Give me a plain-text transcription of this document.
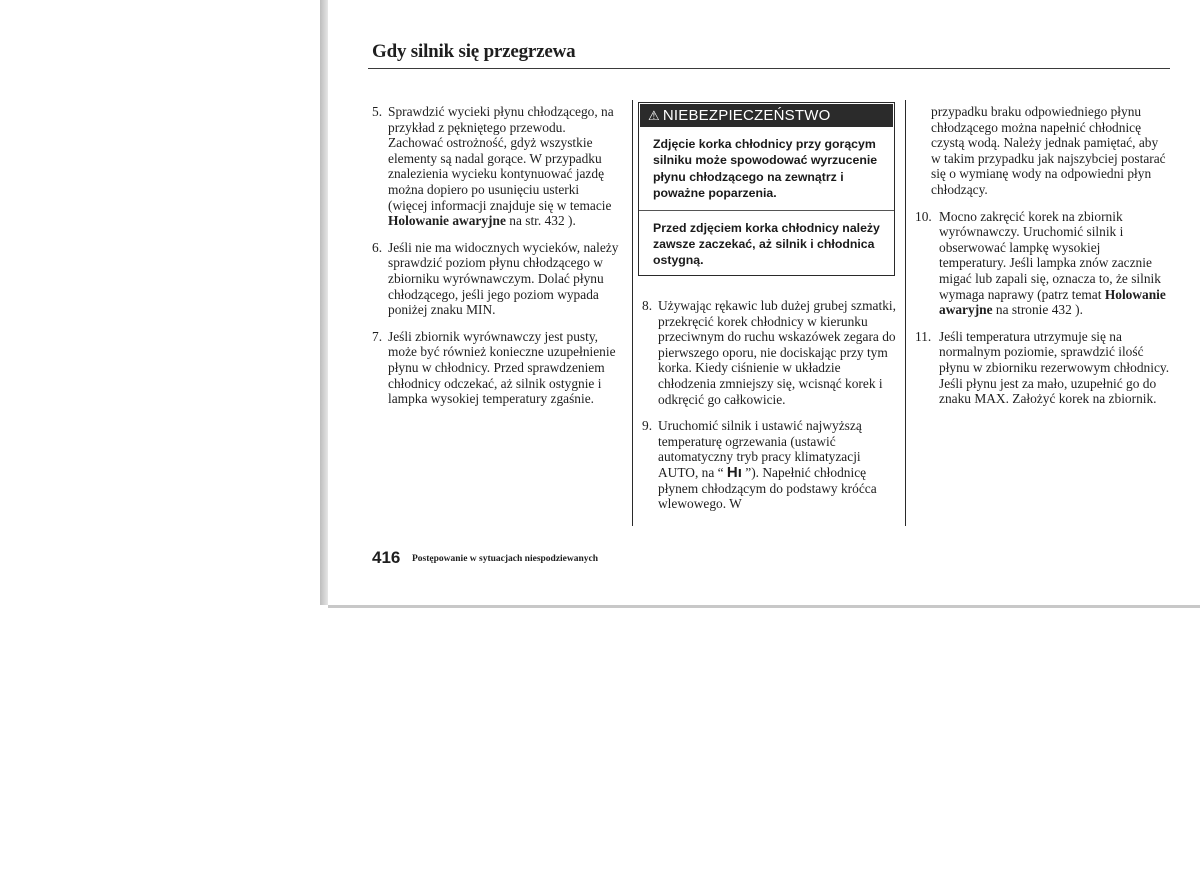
Gdy silnik się przegrzewa

5. Sprawdzić wycieki płynu chłodzącego, na przykład z pękniętego przewodu. Zachować ostrożność, gdyż wszystkie elementy są nadal gorące. W przypadku znalezienia wycieku kontynuować jazdę można dopiero po usunięciu usterki (więcej informacji znajduje się w temacie Holowanie awaryjne na str. 432 ).

6. Jeśli nie ma widocznych wycieków, należy sprawdzić poziom płynu chłodzącego w zbiorniku wyrównawczym. Dolać płynu chłodzącego, jeśli jego poziom wypada poniżej znaku MIN.

7. Jeśli zbiornik wyrównawczy jest pusty, może być również konieczne uzupełnienie płynu w chłodnicy. Przed sprawdzeniem chłodnicy odczekać, aż silnik ostygnie i lampka wysokiej temperatury zgaśnie.

⚠ NIEBEZPIECZEŃSTWO

Zdjęcie korka chłodnicy przy gorącym silniku może spowodować wyrzucenie płynu chłodzącego na zewnątrz i poważne poparzenia.

Przed zdjęciem korka chłodnicy należy zawsze zaczekać, aż silnik i chłodnica ostygną.

8. Używając rękawic lub dużej grubej szmatki, przekręcić korek chłodnicy w kierunku przeciwnym do ruchu wskazówek zegara do pierwszego oporu, nie dociskając przy tym korka. Kiedy ciśnienie w układzie chłodzenia zmniejszy się, wcisnąć korek i odkręcić go całkowicie.

9. Uruchomić silnik i ustawić najwyższą temperaturę ogrzewania (ustawić automatyczny tryb pracy klimatyzacji AUTO, na “ Hı ”). Napełnić chłodnicę płynem chłodzącym do podstawy króćca wlewowego. W

przypadku braku odpowiedniego płynu chłodzącego można napełnić chłodnicę czystą wodą. Należy jednak pamiętać, aby w takim przypadku jak najszybciej postarać się o wymianę wody na odpowiedni płyn chłodzący.

10. Mocno zakręcić korek na zbiornik wyrównawczy. Uruchomić silnik i obserwować lampkę wysokiej temperatury. Jeśli lampka znów zacznie migać lub zapali się, oznacza to, że silnik wymaga naprawy (patrz temat Holowanie awaryjne na stronie 432 ).

11. Jeśli temperatura utrzymuje się na normalnym poziomie, sprawdzić ilość płynu w zbiorniku rezerwowym chłodnicy. Jeśli płynu jest za mało, uzupełnić go do znaku MAX. Założyć korek na zbiornik.

416 Postępowanie w sytuacjach niespodziewanych
